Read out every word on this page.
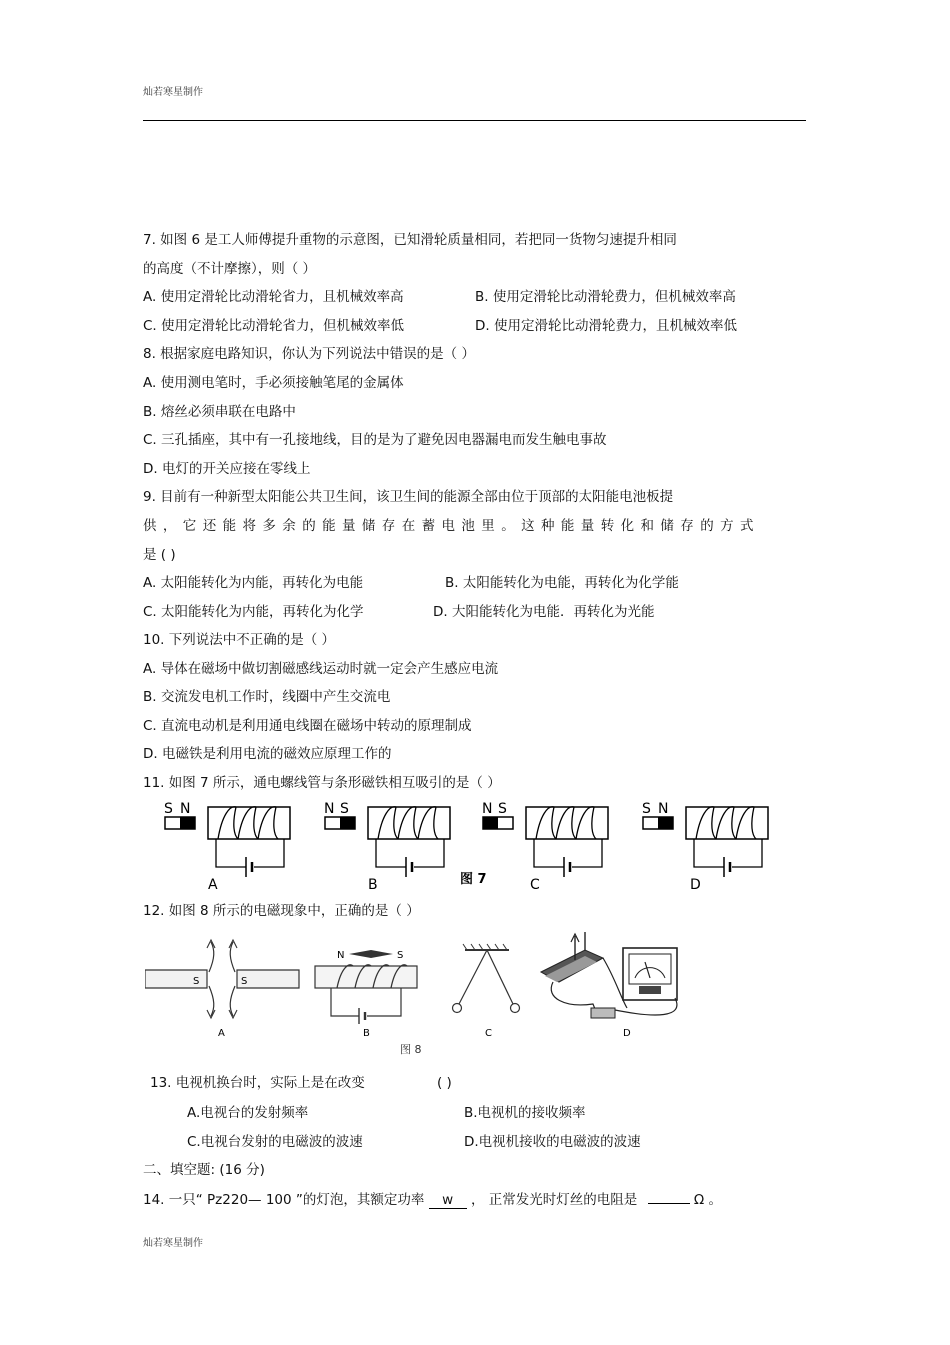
灿若寒星制作
7. 如图 6 是工人师傅提升重物的示意图，已知滑轮质量相同，若把同一货物匀速提升相同
的高度（不计摩擦），则（ ）
A. 使用定滑轮比动滑轮省力，且机械效率高	B. 使用定滑轮比动滑轮费力，但机械效率高
C. 使用定滑轮比动滑轮省力，但机械效率低	D. 使用定滑轮比动滑轮费力，且机械效率低
8. 根据家庭电路知识，你认为下列说法中错误的是（ ）
A. 使用测电笔时，手必须接触笔尾的金属体
B. 熔丝必须串联在电路中
C. 三孔插座，其中有一孔接地线，目的是为了避免因电器漏电而发生触电事故
D. 电灯的开关应接在零线上
9. 目前有一种新型太阳能公共卫生间，该卫生间的能源全部由位于顶部的太阳能电池板提
供，它还能将多余的能量储存在蓄电池里。这种能量转化和储存的方式
是 ( )
A. 太阳能转化为内能，再转化为电能	B. 太阳能转化为电能，再转化为化学能
C. 太阳能转化为内能，再转化为化学	D. 大阳能转化为电能．再转化为光能
10. 下列说法中不正确的是（ ）
A. 导体在磁场中做切割磁感线运动时就一定会产生感应电流
B. 交流发电机工作时，线圈中产生交流电
C. 直流电动机是利用通电线圈在磁场中转动的原理制成
D. 电磁铁是利用电流的磁效应原理工作的
11. 如图 7 所示，通电螺线管与条形磁铁相互吸引的是（ ）
S N
A
N S
B
N S
C
S N
D
图 7
12. 如图 8 所示的电磁现象中，正确的是（ ）
S	S
A
N	S
B	C	D
图 8
13. 电视机换台时，实际上是在改变	( )
A.电视台的发射频率	B.电视机的接收频率
C.电视台发射的电磁波的波速	D.电视机接收的电磁波的波速
二、填空题: (16 分)
14. 一只“ Pz220— 100 ”的灯泡，其额定功率 w ， 正常发光时灯丝的电阻是	Ω 。
灿若寒星制作
